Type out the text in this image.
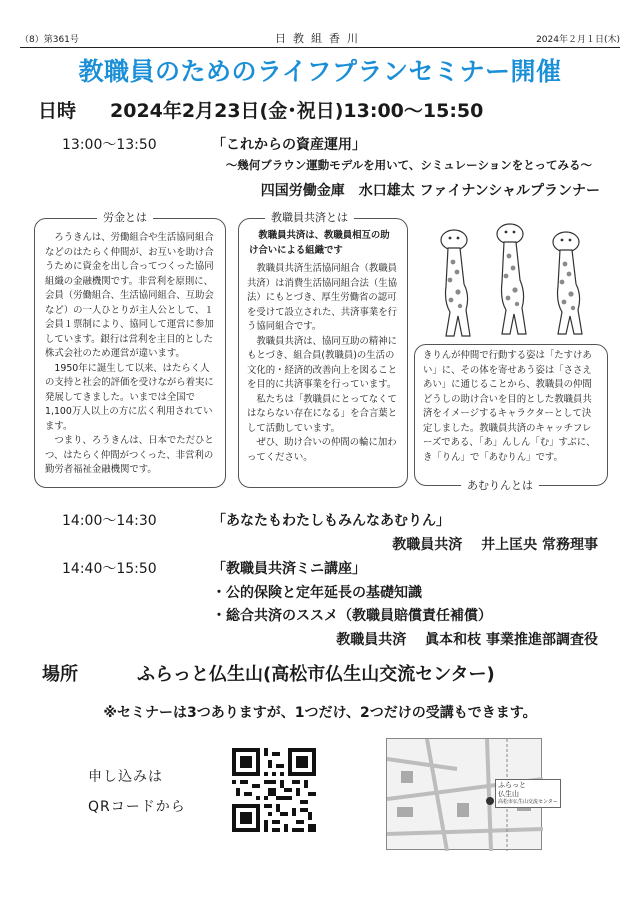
（8）第361号	日教組香川	2024年２月１日(木)
教職員のためのライフプランセミナー開催
日時 2024年2月23日(金･祝日)13:00～15:50
13:00～13:50	「これからの資産運用」
～幾何ブラウン運動モデルを用いて、シミュレーションをとってみる～
四国労働金庫　水口雄太 ファイナンシャルプランナー
労金とは

ろうきんは、労働組合や生活協同組合などのはたらく仲間が、お互いを助け合うために資金を出し合ってつくった協同組織の金融機関です。非営利を原則に、会員（労働組合、生活協同組合、互助会など）の一人ひとりが主人公として、１会員１票制により、協同して運営に参加しています。銀行は営利を主目的とした株式会社のため運営が違います。

1950年に誕生して以来、はたらく人の支持と社会的評価を受けながら着実に発展してきました。いまでは全国で1,100万人以上の方に広く利用されています。

つまり、ろうきんは、日本でただひとつ、はたらく仲間がつくった、非営利の勤労者福祉金融機関です。

教職員共済とは
教職員共済は、教職員相互の助け合いによる組織です

教職員共済生活協同組合（教職員共済）は消費生活協同組合法（生協法）にもとづき、厚生労働省の認可を受けて設立された、共済事業を行う協同組合です。

教職員共済は、協同互助の精神にもとづき、組合員(教職員)の生活の文化的・経済的改善向上を図ることを目的に共済事業を行っています。

私たちは「教職員にとってなくてはならない存在になる」を合言葉として活動しています。

ぜひ、助け合いの仲間の輪に加わってください。

きりんが仲間で行動する姿は「たすけあい」に、その体を寄せあう姿は「ささえあい」に通じることから、教職員の仲間どうしの助け合いを目的とした教職員共済をイメージするキャラクターとして決定しました。教職員共済のキャッチフレーズである、「あ」んしん「む」すぶに、き「りん」で「あむりん」です。
あむりんとは
14:00～14:30	「あなたもわたしもみんなあむりん」
教職員共済　 井上匡央 常務理事
14:40～15:50	「教職員共済ミニ講座」
・公的保険と定年延長の基礎知識
・総合共済のススメ（教職員賠償責任補償）
教職員共済　 眞本和枝 事業推進部調査役
場所	ふらっと仏生山(高松市仏生山交流センター)
※セミナーは3つありますが、1つだけ、2つだけの受講もできます。
申し込みは
QRコードから
ふらっと
仏生山
高松市仏生山交流センター
